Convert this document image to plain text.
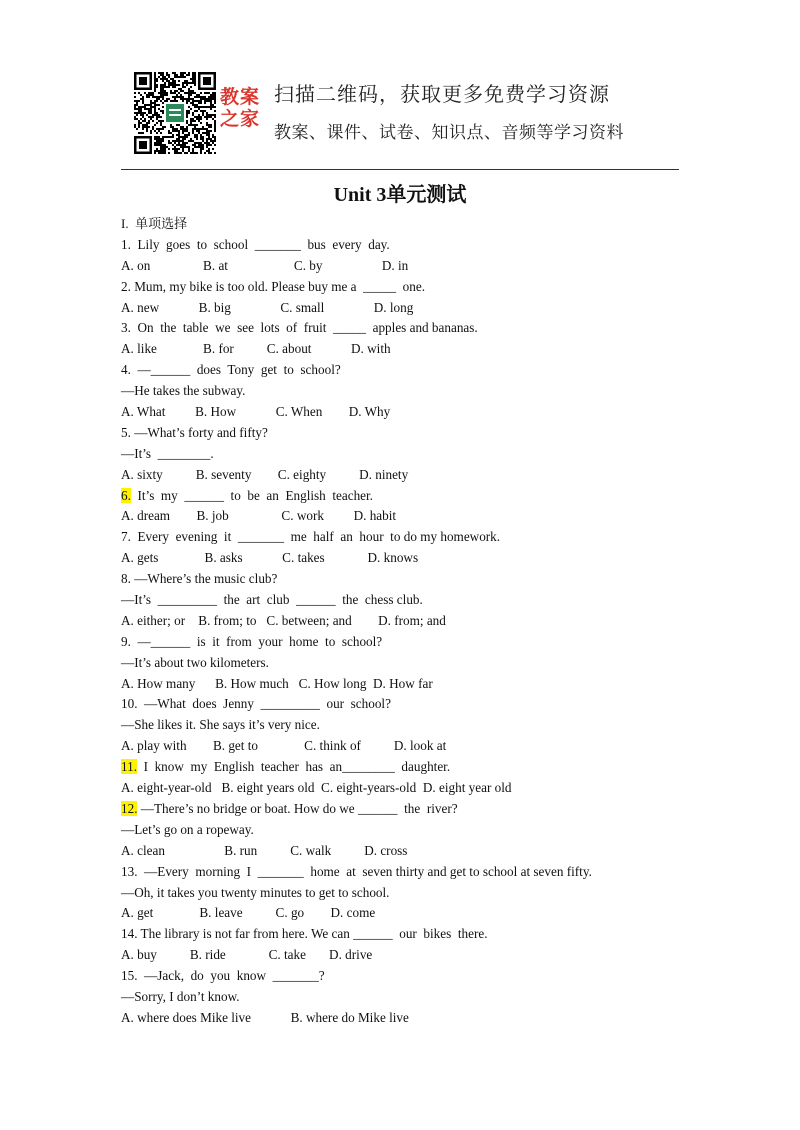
教案
之家
扫描二维码，获取更多免费学习资源
教案、课件、试卷、知识点、音频等学习资料
Unit 3单元测试
I.  单项选择
1.  Lily  goes  to  school  _______  bus  every  day.
A. on                B. at                    C. by                  D. in
2. Mum, my bike is too old. Please buy me a  _____  one.
A. new            B. big               C. small               D. long
3.  On  the  table  we  see  lots  of  fruit  _____  apples and bananas.
A. like              B. for          C. about            D. with
4.  —______  does  Tony  get  to  school?
—He takes the subway.
A. What         B. How            C. When        D. Why
5. —What’s forty and fifty?
—It’s  ________.
A. sixty          B. seventy        C. eighty          D. ninety
6.  It’s  my  ______  to  be  an  English  teacher.
A. dream        B. job                C. work         D. habit
7.  Every  evening  it  _______  me  half  an  hour  to do my homework.
A. gets              B. asks            C. takes             D. knows
8. —Where’s the music club?
—It’s  _________  the  art  club  ______  the  chess club.
A. either; or    B. from; to   C. between; and        D. from; and
9.  —______  is  it  from  your  home  to  school?
—It’s about two kilometers.
A. How many      B. How much   C. How long  D. How far
10.  —What  does  Jenny  _________  our  school?
—She likes it. She says it’s very nice.
A. play with        B. get to              C. think of          D. look at
11.  I  know  my  English  teacher  has  an________  daughter.
A. eight-year-old   B. eight years old  C. eight-years-old  D. eight year old
12. —There’s no bridge or boat. How do we ______  the  river?
—Let’s go on a ropeway.
A. clean                  B. run          C. walk          D. cross
13.  —Every  morning  I  _______  home  at  seven thirty and get to school at seven fifty.
—Oh, it takes you twenty minutes to get to school.
A. get              B. leave          C. go        D. come
14. The library is not far from here. We can ______  our  bikes  there.
A. buy          B. ride             C. take       D. drive
15.  —Jack,  do  you  know  _______?
—Sorry, I don’t know.
A. where does Mike live            B. where do Mike live
